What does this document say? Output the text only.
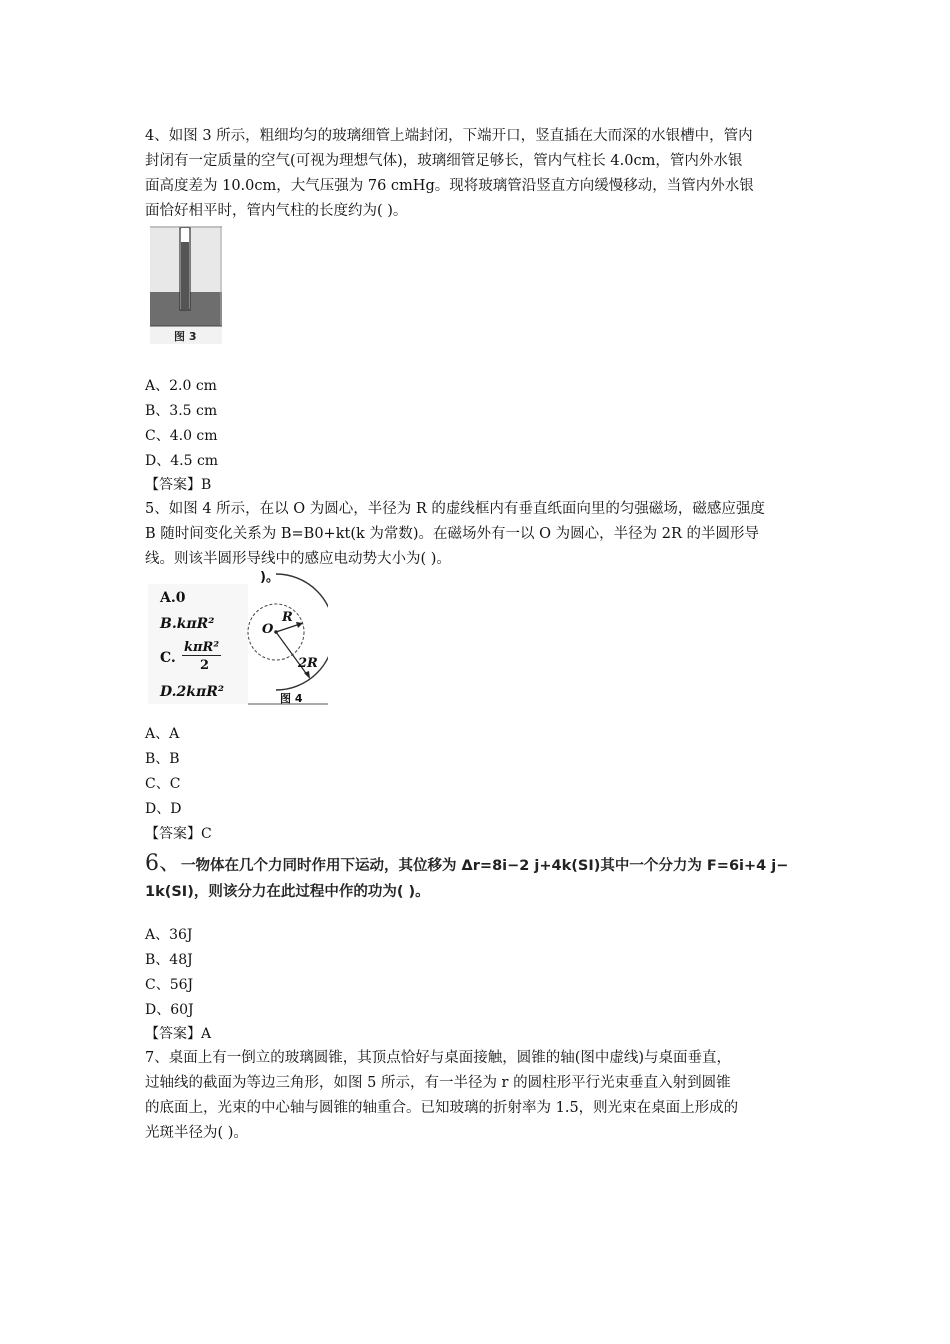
4、如图 3 所示，粗细均匀的玻璃细管上端封闭，下端开口，竖直插在大而深的水银槽中，管内
封闭有一定质量的空气(可视为理想气体)，玻璃细管足够长，管内气柱长 4.0cm，管内外水银
面高度差为 10.0cm，大气压强为 76 cmHg。现将玻璃管沿竖直方向缓慢移动，当管内外水银
面恰好相平时，管内气柱的长度约为( )。
图 3
A、2.0 cm
B、3.5 cm
C、4.0 cm
D、4.5 cm
【答案】B
5、如图 4 所示，在以 O 为圆心，半径为 R 的虚线框内有垂直纸面向里的匀强磁场，磁感应强度
B 随时间变化关系为 B=B0+kt(k 为常数)。在磁场外有一以 O 为圆心，半径为 2R 的半圆形导
线。则该半圆形导线中的感应电动势大小为( )。
)。
A.0
B.kπR²
C.
kπR²
2
D.2kπR²
O
R
2R
图 4
A、A
B、B
C、C
D、D
【答案】C
6、一物体在几个力同时作用下运动，其位移为 Δr=8i−2 j+4k(SI)其中一个分力为 F=6i+4 j−
1k(SI)，则该分力在此过程中作的功为( )。
A、36J
B、48J
C、56J
D、60J
【答案】A
7、桌面上有一倒立的玻璃圆锥，其顶点恰好与桌面接触，圆锥的轴(图中虚线)与桌面垂直，
过轴线的截面为等边三角形，如图 5 所示，有一半径为 r 的圆柱形平行光束垂直入射到圆锥
的底面上，光束的中心轴与圆锥的轴重合。已知玻璃的折射率为 1.5，则光束在桌面上形成的
光斑半径为( )。
